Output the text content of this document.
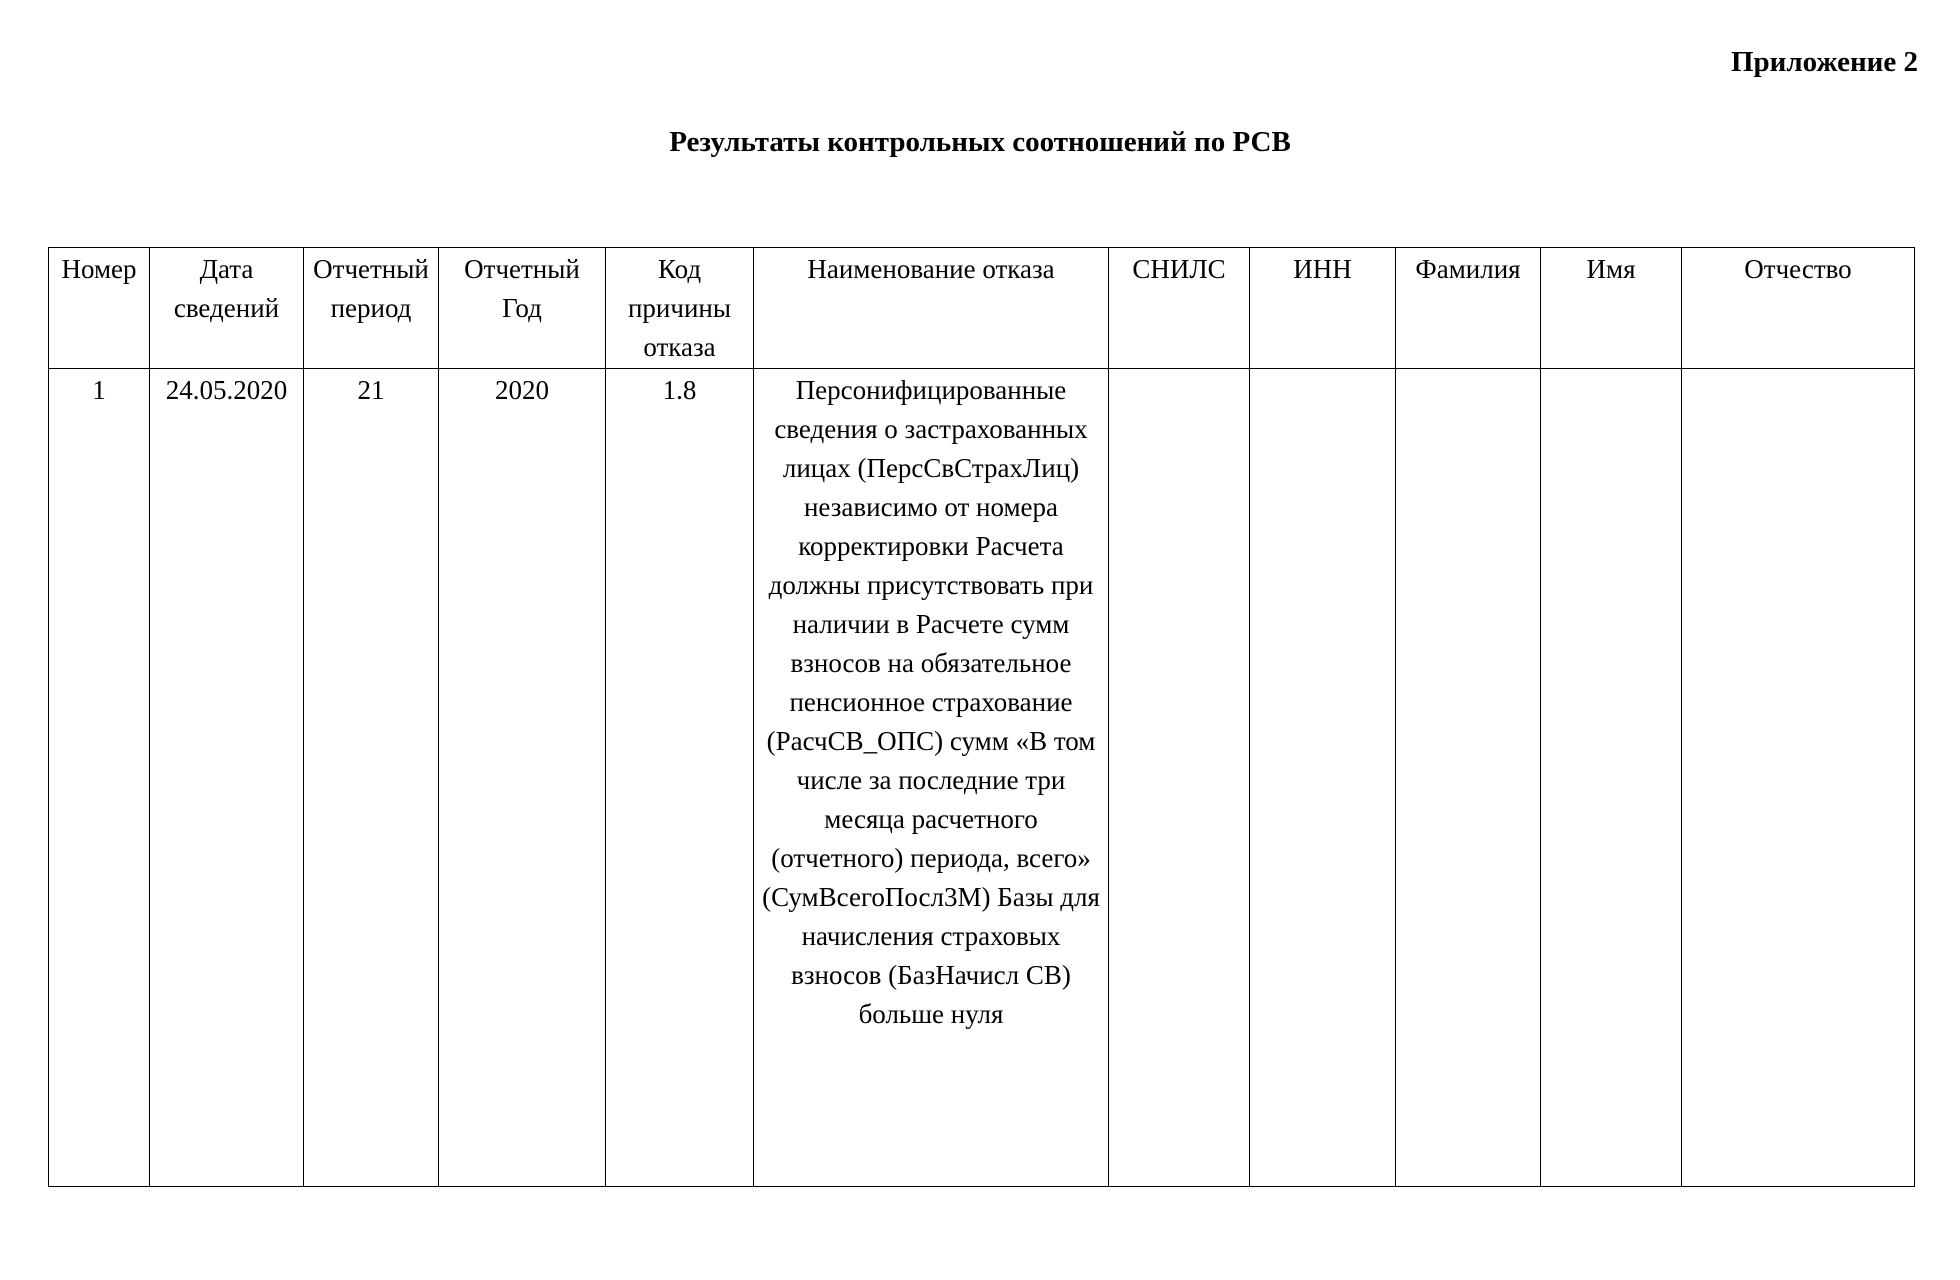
Приложение 2
Результаты контрольных соотношений по РСВ
Номер	Дата сведений	Отчетный период	Отчетный Год	Код причины отказа	Наименование отказа	СНИЛС	ИНН	Фамилия	Имя	Отчество
1	24.05.2020	21	2020	1.8	Персонифицированные сведения о застрахованных лицах (ПерсСвСтрахЛиц) независимо от номера корректировки Расчета должны присутствовать при наличии в Расчете сумм взносов на обязательное пенсионное страхование (РасчСВ_ОПС) сумм «В том числе за последние три месяца расчетного (отчетного) периода, всего» (СумВсегоПосл3М) Базы для начисления страховых взносов (БазНачисл СВ) больше нуля					
